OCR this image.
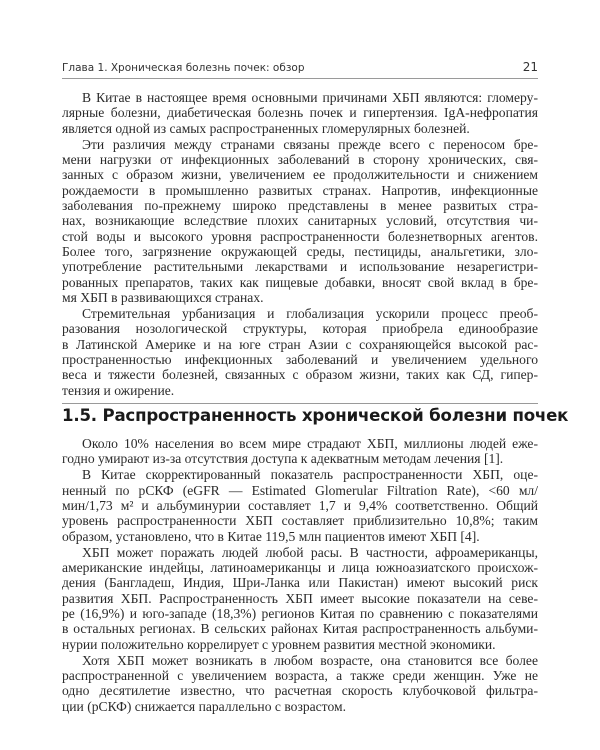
Глава 1. Хроническая болезнь почек: обзор	21
В Китае в настоящее время основными причинами ХБП являются: гломеру-
лярные болезни, диабетическая болезнь почек и гипертензия. IgA-нефропатия
является одной из самых распространенных гломерулярных болезней.
Эти различия между странами связаны прежде всего с переносом бре-
мени нагрузки от инфекционных заболеваний в сторону хронических, свя-
занных с образом жизни, увеличением ее продолжительности и снижением
рождаемости в промышленно развитых странах. Напротив, инфекционные
заболевания по-прежнему широко представлены в менее развитых стра-
нах, возникающие вследствие плохих санитарных условий, отсутствия чи-
стой воды и высокого уровня распространенности болезнетворных агентов.
Более того, загрязнение окружающей среды, пестициды, анальгетики, зло-
употребление растительными лекарствами и использование незарегистри-
рованных препаратов, таких как пищевые добавки, вносят свой вклад в бре-
мя ХБП в развивающихся странах.
Стремительная урбанизация и глобализация ускорили процесс преоб-
разования нозологической структуры, которая приобрела единообразие
в Латинской Америке и на юге стран Азии с сохраняющейся высокой рас-
пространенностью инфекционных заболеваний и увеличением удельного
веса и тяжести болезней, связанных с образом жизни, таких как СД, гипер-
тензия и ожирение.
1.5. Распространенность хронической болезни почек
Около 10% населения во всем мире страдают ХБП, миллионы людей еже-
годно умирают из-за отсутствия доступа к адекватным методам лечения [1].
В Китае скорректированный показатель распространенности ХБП, оце-
ненный по рСКФ (eGFR — Estimated Glomerular Filtration Rate), <60 мл/
мин/1,73 м² и альбуминурии составляет 1,7 и 9,4% соответственно. Общий
уровень распространенности ХБП составляет приблизительно 10,8%; таким
образом, установлено, что в Китае 119,5 млн пациентов имеют ХБП [4].
ХБП может поражать людей любой расы. В частности, афроамериканцы,
американские индейцы, латиноамериканцы и лица южноазиатского происхож-
дения (Бангладеш, Индия, Шри-Ланка или Пакистан) имеют высокий риск
развития ХБП. Распространенность ХБП имеет высокие показатели на севе-
ре (16,9%) и юго-западе (18,3%) регионов Китая по сравнению с показателями
в остальных регионах. В сельских районах Китая распространенность альбуми-
нурии положительно коррелирует с уровнем развития местной экономики.
Хотя ХБП может возникать в любом возрасте, она становится все более
распространенной с увеличением возраста, а также среди женщин. Уже не
одно десятилетие известно, что расчетная скорость клубочковой фильтра-
ции (рСКФ) снижается параллельно с возрастом.
